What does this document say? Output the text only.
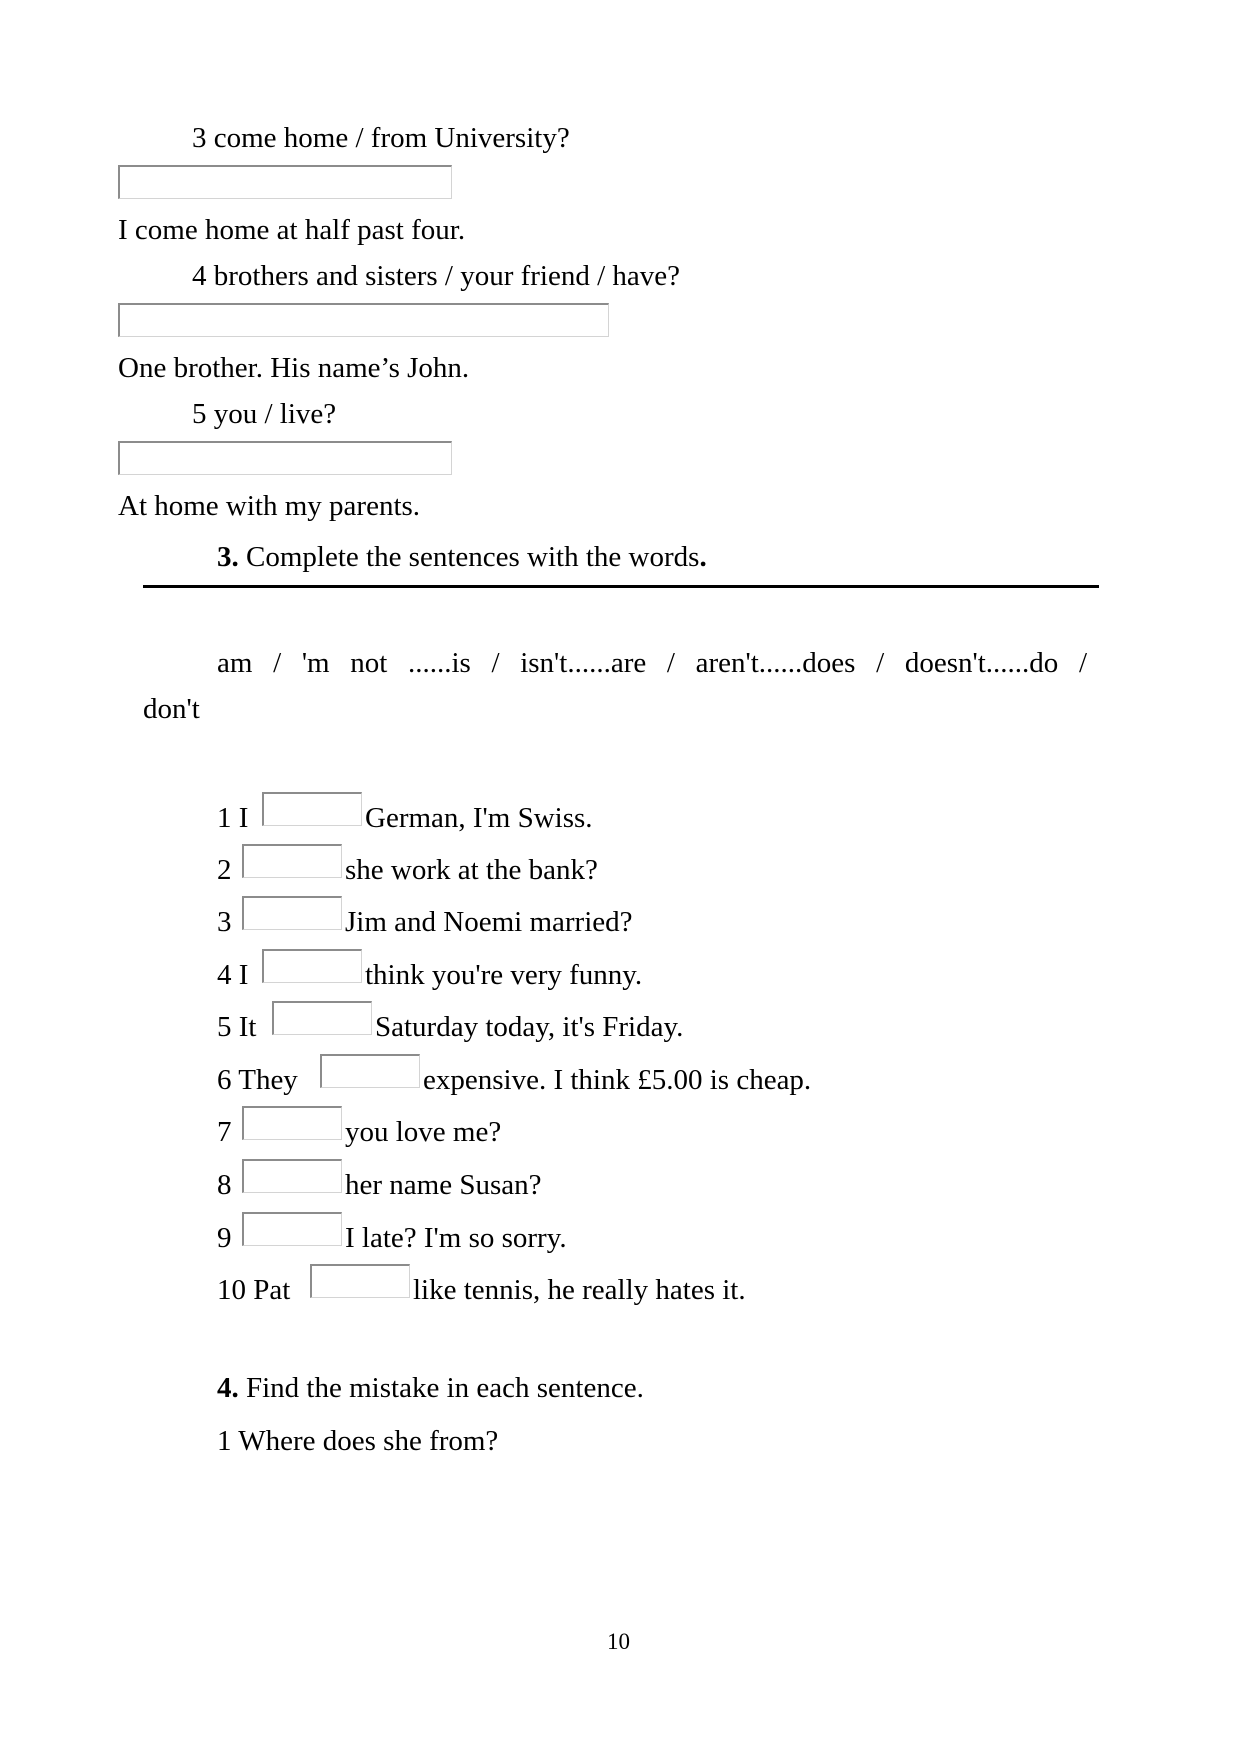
3 come home / from University?
I come home at half past four.
4 brothers and sisters / your friend / have?
One brother. His name’s John.
5 you / live?
At home with my parents.
3. Complete the sentences with the words.
am / 'm not ......is / isn't......are / aren't......does / doesn't......do /
don't
1 I	German, I'm Swiss.
2	she work at the bank?
3	Jim and Noemi married?
4 I	think you're very funny.
5 It	Saturday today, it's Friday.
6 They	expensive. I think £5.00 is cheap.
7	you love me?
8	her name Susan?
9	I late? I'm so sorry.
10 Pat	like tennis, he really hates it.
4. Find the mistake in each sentence.
1 Where does she from?
10
